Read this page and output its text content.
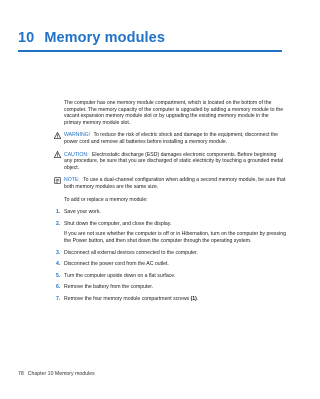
10 Memory modules

The computer has one memory module compartment, which is located on the bottom of the computer. The memory capacity of the computer is upgraded by adding a memory module to the vacant expansion memory module slot or by upgrading the existing memory module in the primary memory module slot.

WARNING! To reduce the risk of electric shock and damage to the equipment, disconnect the power cord and remove all batteries before installing a memory module.
CAUTION: Electrostatic discharge (ESD) damages electronic components. Before beginning any procedure, be sure that you are discharged of static electricity by touching a grounded metal object.
NOTE: To use a dual-channel configuration when adding a second memory module, be sure that both memory modules are the same size.

To add or replace a memory module:

1. Save your work.
2. Shut down the computer, and close the display.
If you are not sure whether the computer is off or in Hibernation, turn on the computer by pressing the Power button, and then shut down the computer through the operating system.
3. Disconnect all external devices connected to the computer.
4. Disconnect the power cord from the AC outlet.
5. Turn the computer upside down on a flat surface.
6. Remove the battery from the computer.
7. Remove the four memory module compartment screws (1).
78 Chapter 10 Memory modules
